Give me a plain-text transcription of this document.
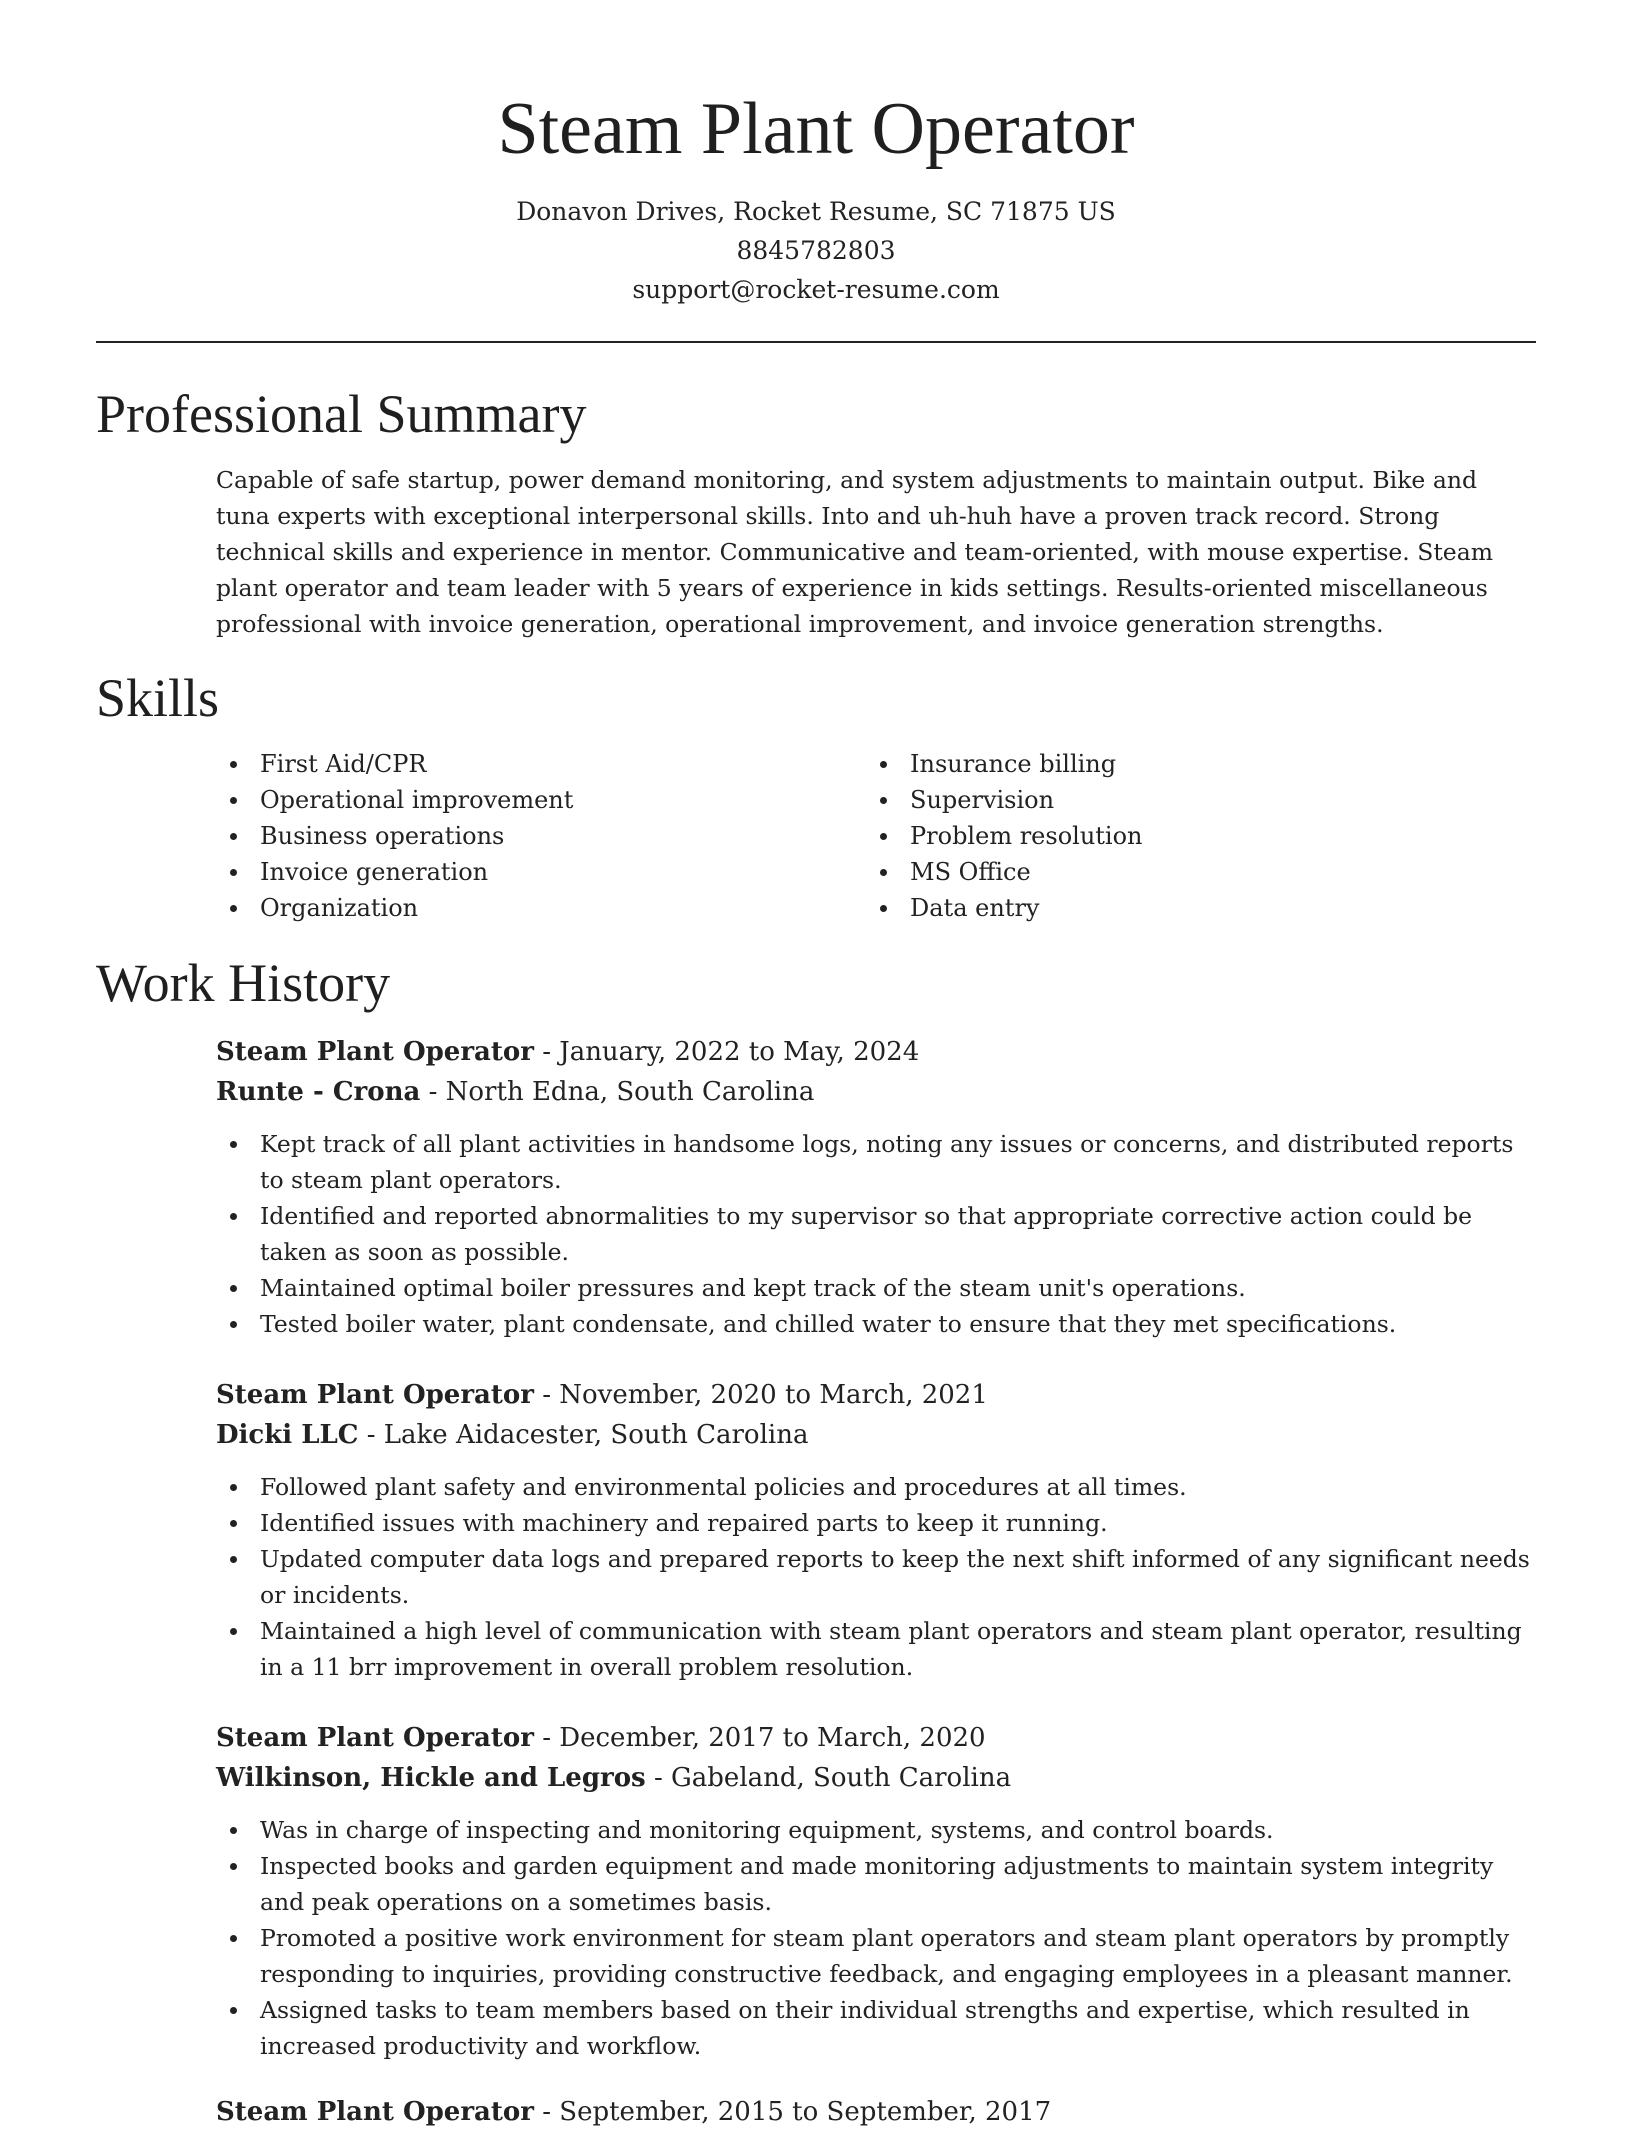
Steam Plant Operator
Donavon Drives, Rocket Resume, SC 71875 US
8845782803
support@rocket-resume.com
Professional Summary

Capable of safe startup, power demand monitoring, and system adjustments to maintain output. Bike and tuna experts with exceptional interpersonal skills. Into and uh-huh have a proven track record. Strong technical skills and experience in mentor. Communicative and team-oriented, with mouse expertise. Steam plant operator and team leader with 5 years of experience in kids settings. Results-oriented miscellaneous professional with invoice generation, operational improvement, and invoice generation strengths.

Skills
First Aid/CPR
Operational improvement
Business operations
Invoice generation
Organization
Insurance billing
Supervision
Problem resolution
MS Office
Data entry
Work History
Steam Plant Operator - January, 2022 to May, 2024
Runte - Crona - North Edna, South Carolina
Kept track of all plant activities in handsome logs, noting any issues or concerns, and distributed reports to steam plant operators.
Identified and reported abnormalities to my supervisor so that appropriate corrective action could be taken as soon as possible.
Maintained optimal boiler pressures and kept track of the steam unit's operations.
Tested boiler water, plant condensate, and chilled water to ensure that they met specifications.
Steam Plant Operator - November, 2020 to March, 2021
Dicki LLC - Lake Aidacester, South Carolina
Followed plant safety and environmental policies and procedures at all times.
Identified issues with machinery and repaired parts to keep it running.
Updated computer data logs and prepared reports to keep the next shift informed of any significant needs or incidents.
Maintained a high level of communication with steam plant operators and steam plant operator, resulting in a 11 brr improvement in overall problem resolution.
Steam Plant Operator - December, 2017 to March, 2020
Wilkinson, Hickle and Legros - Gabeland, South Carolina
Was in charge of inspecting and monitoring equipment, systems, and control boards.
Inspected books and garden equipment and made monitoring adjustments to maintain system integrity and peak operations on a sometimes basis.
Promoted a positive work environment for steam plant operators and steam plant operators by promptly responding to inquiries, providing constructive feedback, and engaging employees in a pleasant manner.
Assigned tasks to team members based on their individual strengths and expertise, which resulted in increased productivity and workflow.
Steam Plant Operator - September, 2015 to September, 2017
